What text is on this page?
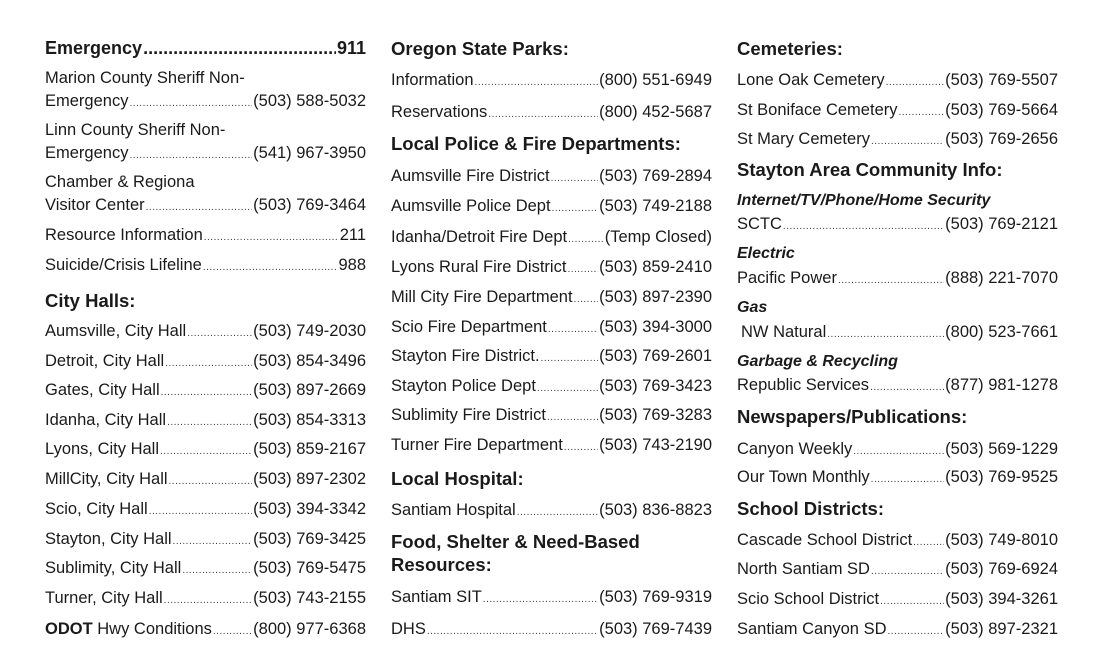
Emergency .....	911
Marion County Sheriff Non-
Emergency .....	(503) 588-5032
Linn County Sheriff Non-
Emergency .....	(541) 967-3950
Chamber & Regiona
Visitor Center .....	(503) 769-3464
Resource Information .....	211
Suicide/Crisis Lifeline .....	988
City Halls:
Aumsville, City Hall .....	(503) 749-2030
Detroit, City Hall .....	(503) 854-3496
Gates, City Hall .....	(503) 897-2669
Idanha, City Hall .....	(503) 854-3313
Lyons, City Hall .....	(503) 859-2167
MillCity, City Hall .....	(503) 897-2302
Scio, City Hall .....	(503) 394-3342
Stayton, City Hall .....	(503) 769-3425
Sublimity, City Hall .....	(503) 769-5475
Turner, City Hall .....	(503) 743-2155
ODOT Hwy Conditions .....	(800) 977-6368
Oregon State Parks:
Information .....	(800) 551-6949
Reservations .....	(800) 452-5687
Local Police & Fire Departments:
Aumsville Fire District .....	(503) 769-2894
Aumsville Police Dept .....	(503) 749-2188
Idanha/Detroit Fire Dept ..... (Temp Closed)
Lyons Rural Fire District ..... (503) 859-2410
Mill City Fire Department ..... (503) 897-2390
Scio Fire Department .....	(503) 394-3000
Stayton Fire District. .....	(503) 769-2601
Stayton Police Dept .....	(503) 769-3423
Sublimity Fire District .....	(503) 769-3283
Turner Fire Department ..... (503) 743-2190
Local Hospital:
Santiam Hospital .....	(503) 836-8823
Food, Shelter & Need-Based
Resources:
Santiam SIT .....	(503) 769-9319
DHS .....	(503) 769-7439
Cemeteries:
Lone Oak Cemetery .....	(503) 769-5507
St Boniface Cemetery .....	(503) 769-5664
St Mary Cemetery .....	(503) 769-2656
Stayton Area Community Info:
Internet/TV/Phone/Home Security
SCTC .....	(503) 769-2121
Electric
Pacific Power .....	(888) 221-7070
Gas
NW Natural .....	(800) 523-7661
Garbage & Recycling
Republic Services .....	(877) 981-1278
Newspapers/Publications:
Canyon Weekly .....	(503) 569-1229
Our Town Monthly .....	(503) 769-9525
School Districts:
Cascade School District ..... (503) 749-8010
North Santiam SD .....	(503) 769-6924
Scio School District .....	(503) 394-3261
Santiam Canyon SD .....	(503) 897-2321
